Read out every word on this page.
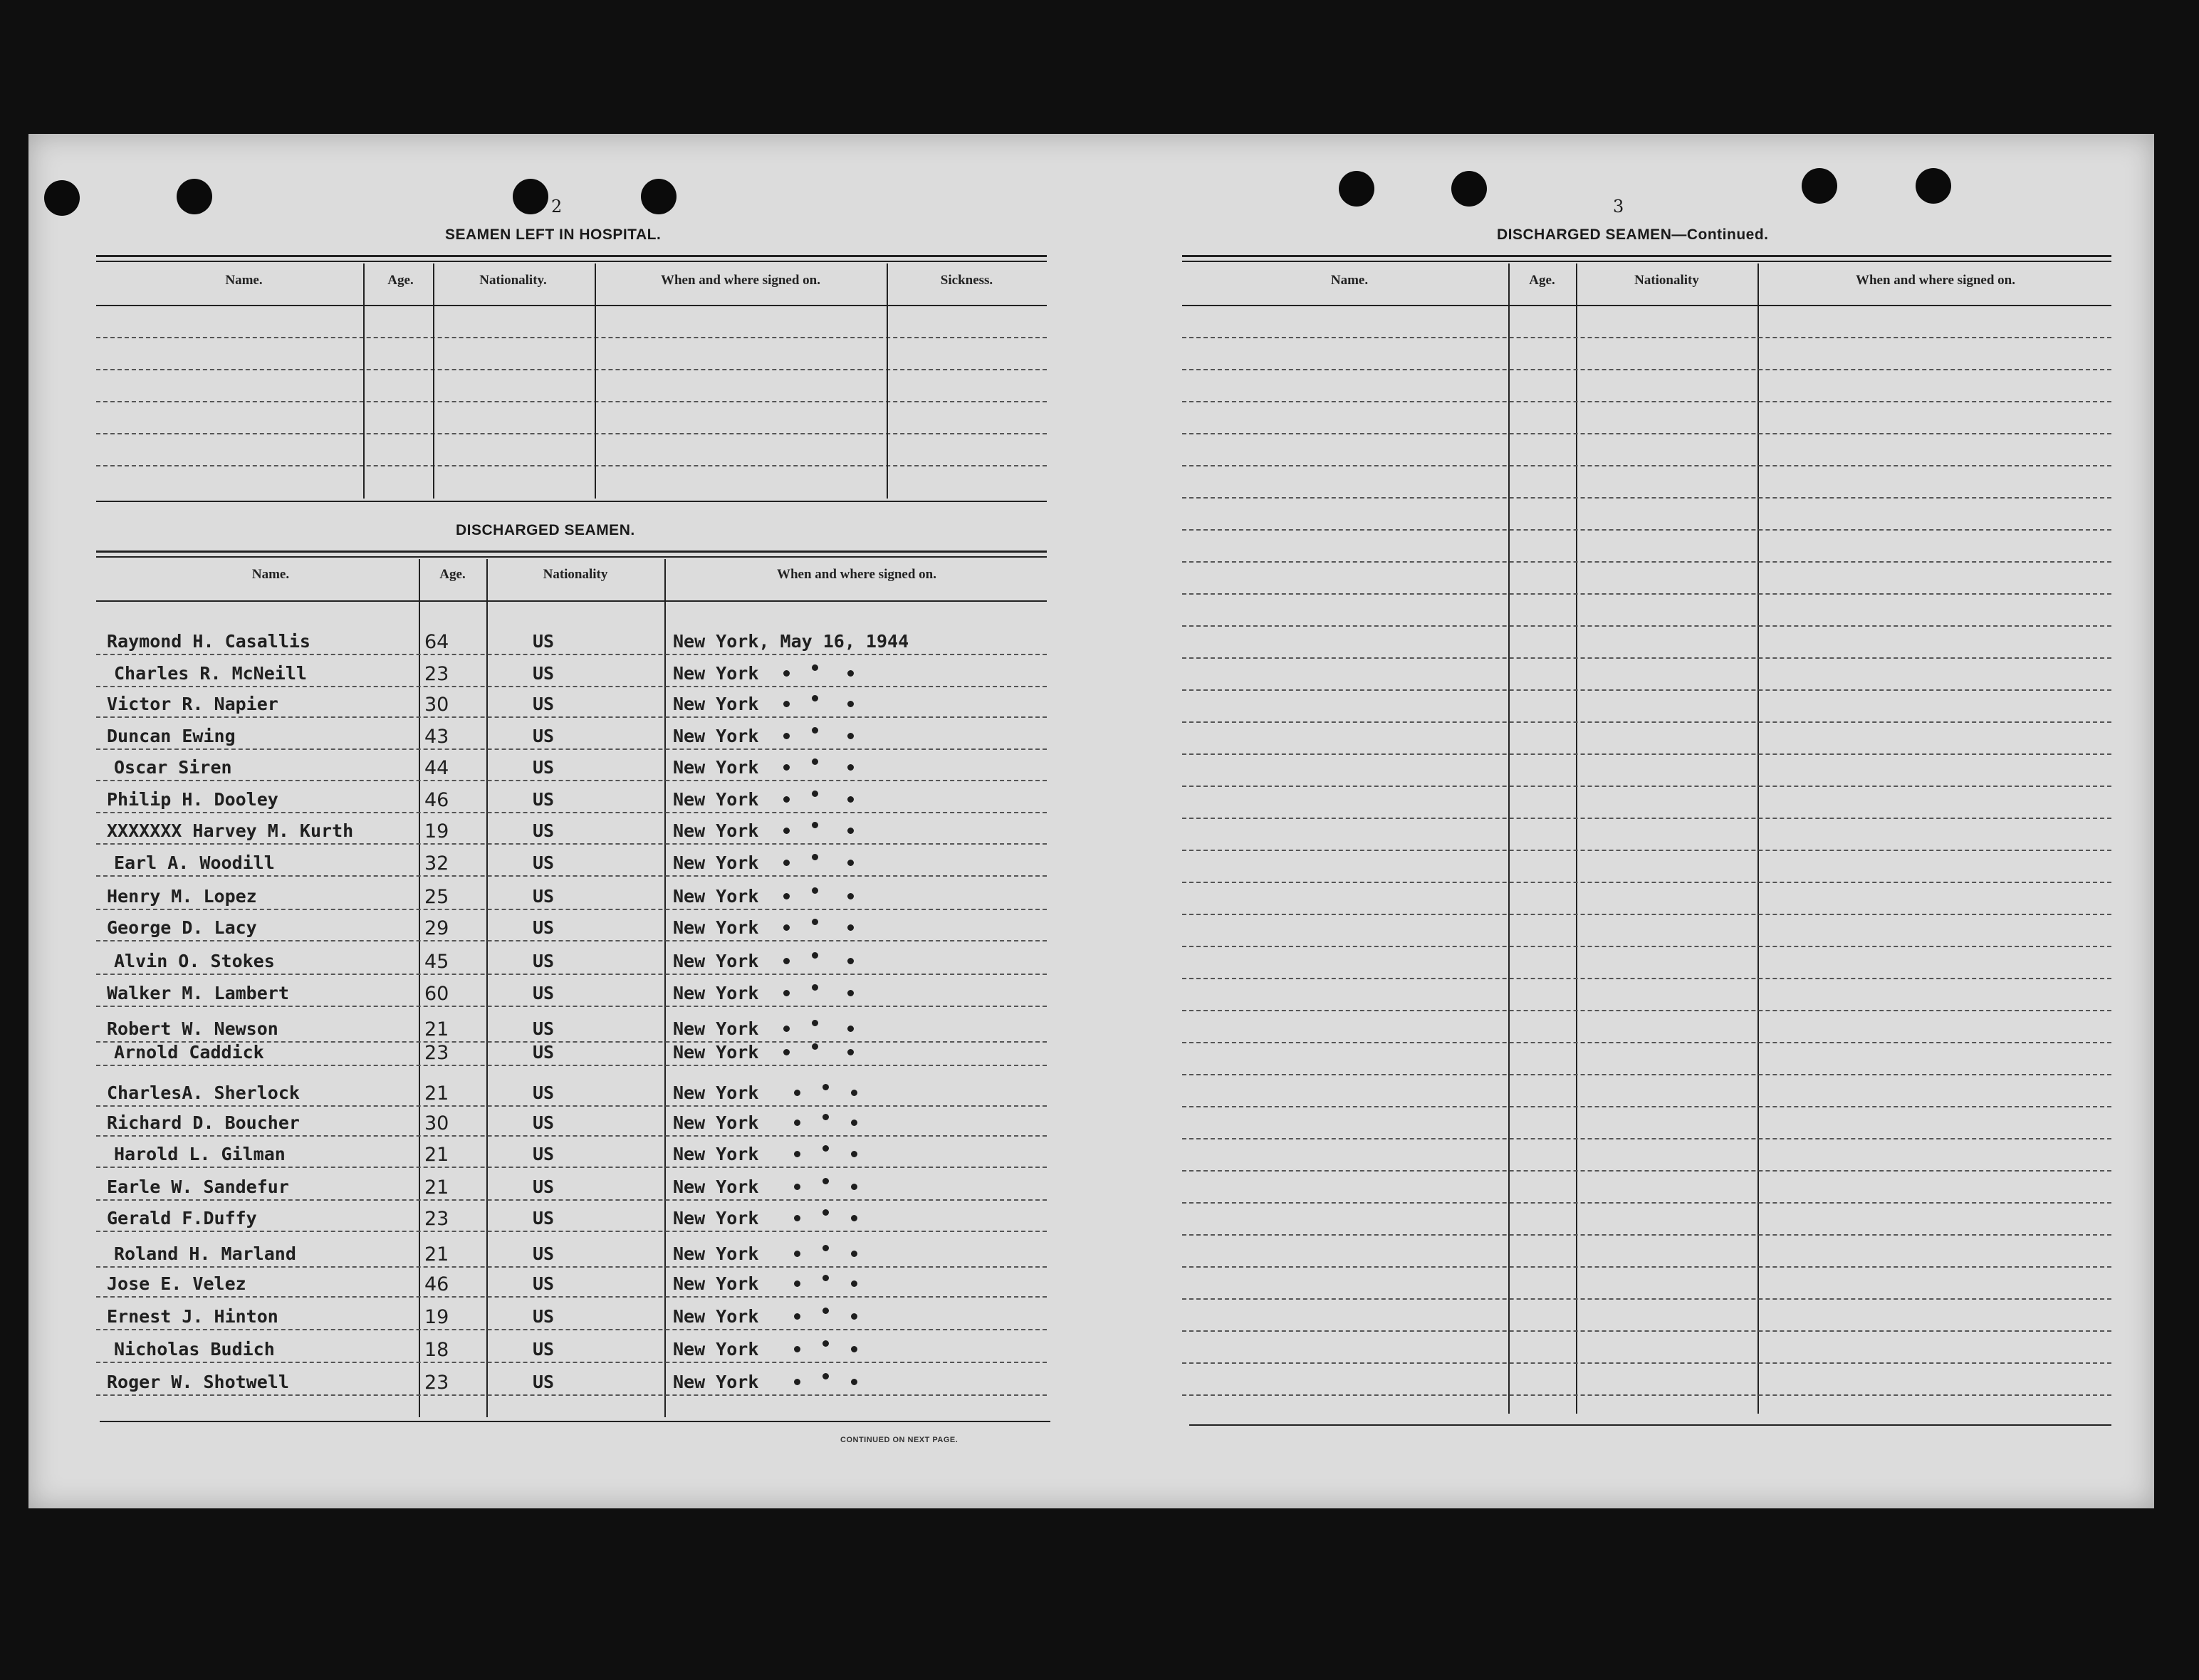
2
SEAMEN LEFT IN HOSPITAL.
Name.	Age.	Nationality.	When and where signed on.	Sickness.
DISCHARGED SEAMEN.
Name.	Age.	Nationality	When and where signed on.
Raymond H. Casallis	64	US	New York, May 16, 1944
Charles R. McNeill	23	US	New York
Victor R. Napier	30	US	New York
Duncan Ewing	43	US	New York
Oscar Siren	44	US	New York
Philip H. Dooley	46	US	New York
XXXXXXX Harvey M. Kurth	19	US	New York
Earl A. Woodill	32	US	New York
Henry M. Lopez	25	US	New York
George D. Lacy	29	US	New York
Alvin O. Stokes	45	US	New York
Walker M. Lambert	60	US	New York
Robert W. Newson	21	US	New York
Arnold Caddick	23	US	New York
CharlesA. Sherlock	21	US	New York
Richard D. Boucher	30	US	New York
Harold L. Gilman	21	US	New York
Earle W. Sandefur	21	US	New York
Gerald F.Duffy	23	US	New York
Roland H. Marland	21	US	New York
Jose E. Velez	46	US	New York
Ernest J. Hinton	19	US	New York
Nicholas Budich	18	US	New York
Roger W. Shotwell	23	US	New York
CONTINUED ON NEXT PAGE.
3
DISCHARGED SEAMEN—Continued.
Name.	Age.	Nationality	When and where signed on.
